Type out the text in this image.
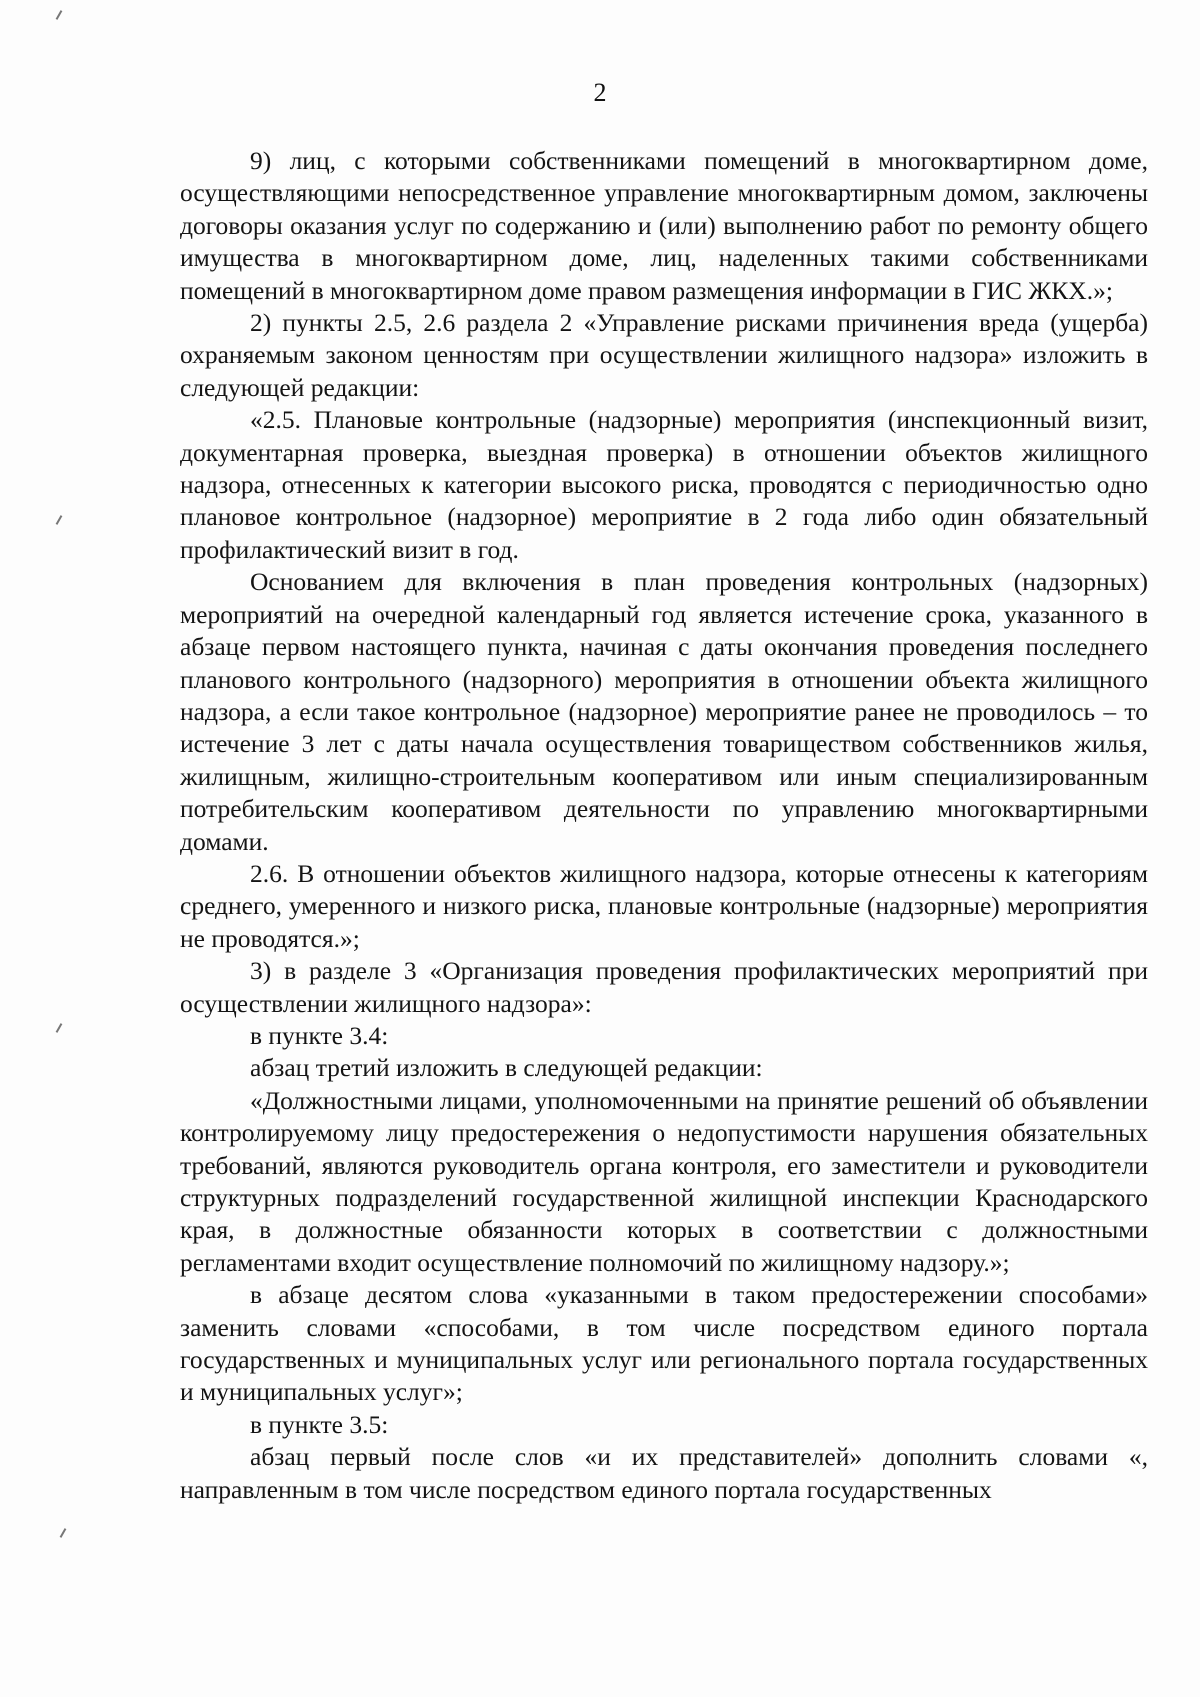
2

9) лиц, с которыми собственниками помещений в многоквартирном доме, осуществляющими непосредственное управление многоквартирным домом, заключены договоры оказания услуг по содержанию и (или) выполнению работ по ремонту общего имущества в многоквартирном доме, лиц, наделенных такими собственниками помещений в многоквартирном доме правом размещения информации в ГИС ЖКХ.»;

2) пункты 2.5, 2.6 раздела 2 «Управление рисками причинения вреда (ущерба) охраняемым законом ценностям при осуществлении жилищного надзора» изложить в следующей редакции:

«2.5. Плановые контрольные (надзорные) мероприятия (инспекционный визит, документарная проверка, выездная проверка) в отношении объектов жилищного надзора, отнесенных к категории высокого риска, проводятся с периодичностью одно плановое контрольное (надзорное) мероприятие в 2 года либо один обязательный профилактический визит в год.

Основанием для включения в план проведения контрольных (надзорных) мероприятий на очередной календарный год является истечение срока, указанного в абзаце первом настоящего пункта, начиная с даты окончания проведения последнего планового контрольного (надзорного) мероприятия в отношении объекта жилищного надзора, а если такое контрольное (надзорное) мероприятие ранее не проводилось – то истечение 3 лет с даты начала осуществления товариществом собственников жилья, жилищным, жилищно-строительным кооперативом или иным специализированным потребительским кооперативом деятельности по управлению многоквартирными домами.

2.6. В отношении объектов жилищного надзора, которые отнесены к категориям среднего, умеренного и низкого риска, плановые контрольные (надзорные) мероприятия не проводятся.»;

3) в разделе 3 «Организация проведения профилактических мероприятий при осуществлении жилищного надзора»:

в пункте 3.4:

абзац третий изложить в следующей редакции:

«Должностными лицами, уполномоченными на принятие решений об объявлении контролируемому лицу предостережения о недопустимости нарушения обязательных требований, являются руководитель органа контроля, его заместители и руководители структурных подразделений государственной жилищной инспекции Краснодарского края, в должностные обязанности которых в соответствии с должностными регламентами входит осуществление полномочий по жилищному надзору.»;

в абзаце десятом слова «указанными в таком предостережении способами» заменить словами «способами, в том числе посредством единого портала государственных и муниципальных услуг или регионального портала государственных и муниципальных услуг»;

в пункте 3.5:

абзац первый после слов «и их представителей» дополнить словами «, направленным в том числе посредством единого портала государственных
